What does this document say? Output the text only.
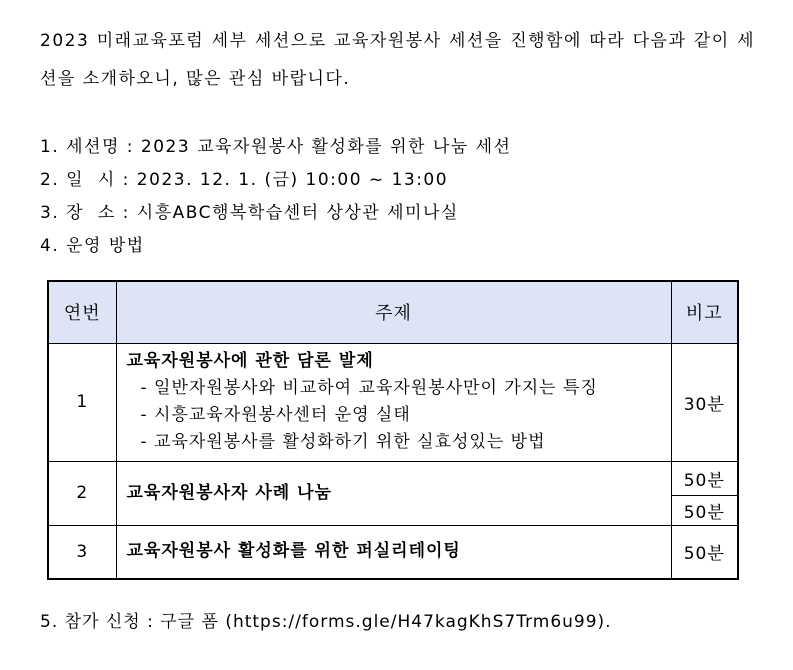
2023 미래교육포럼 세부 세션으로 교육자원봉사 세션을 진행함에 따라 다음과 같이 세션을 소개하오니, 많은 관심 바랍니다.

1. 세션명 : 2023 교육자원봉사 활성화를 위한 나눔 세션
2. 일  시 : 2023. 12. 1. (금) 10:00 ~ 13:00
3. 장  소 : 시흥ABC행복학습센터 상상관 세미나실
4. 운영 방법
연번	주제	비고
1	교육자원봉사에 관한 담론 발제
- 일반자원봉사와 비교하여 교육자원봉사만이 가지는 특징
- 시흥교육자원봉사센터 운영 실태
- 교육자원봉사를 활성화하기 위한 실효성있는 방법	30분
2	교육자원봉사자 사례 나눔	50분
		50분
3	교육자원봉사 활성화를 위한 퍼실리테이팅	50분

5. 참가 신청 : 구글 폼 (https://forms.gle/H47kagKhS7Trm6u99).
